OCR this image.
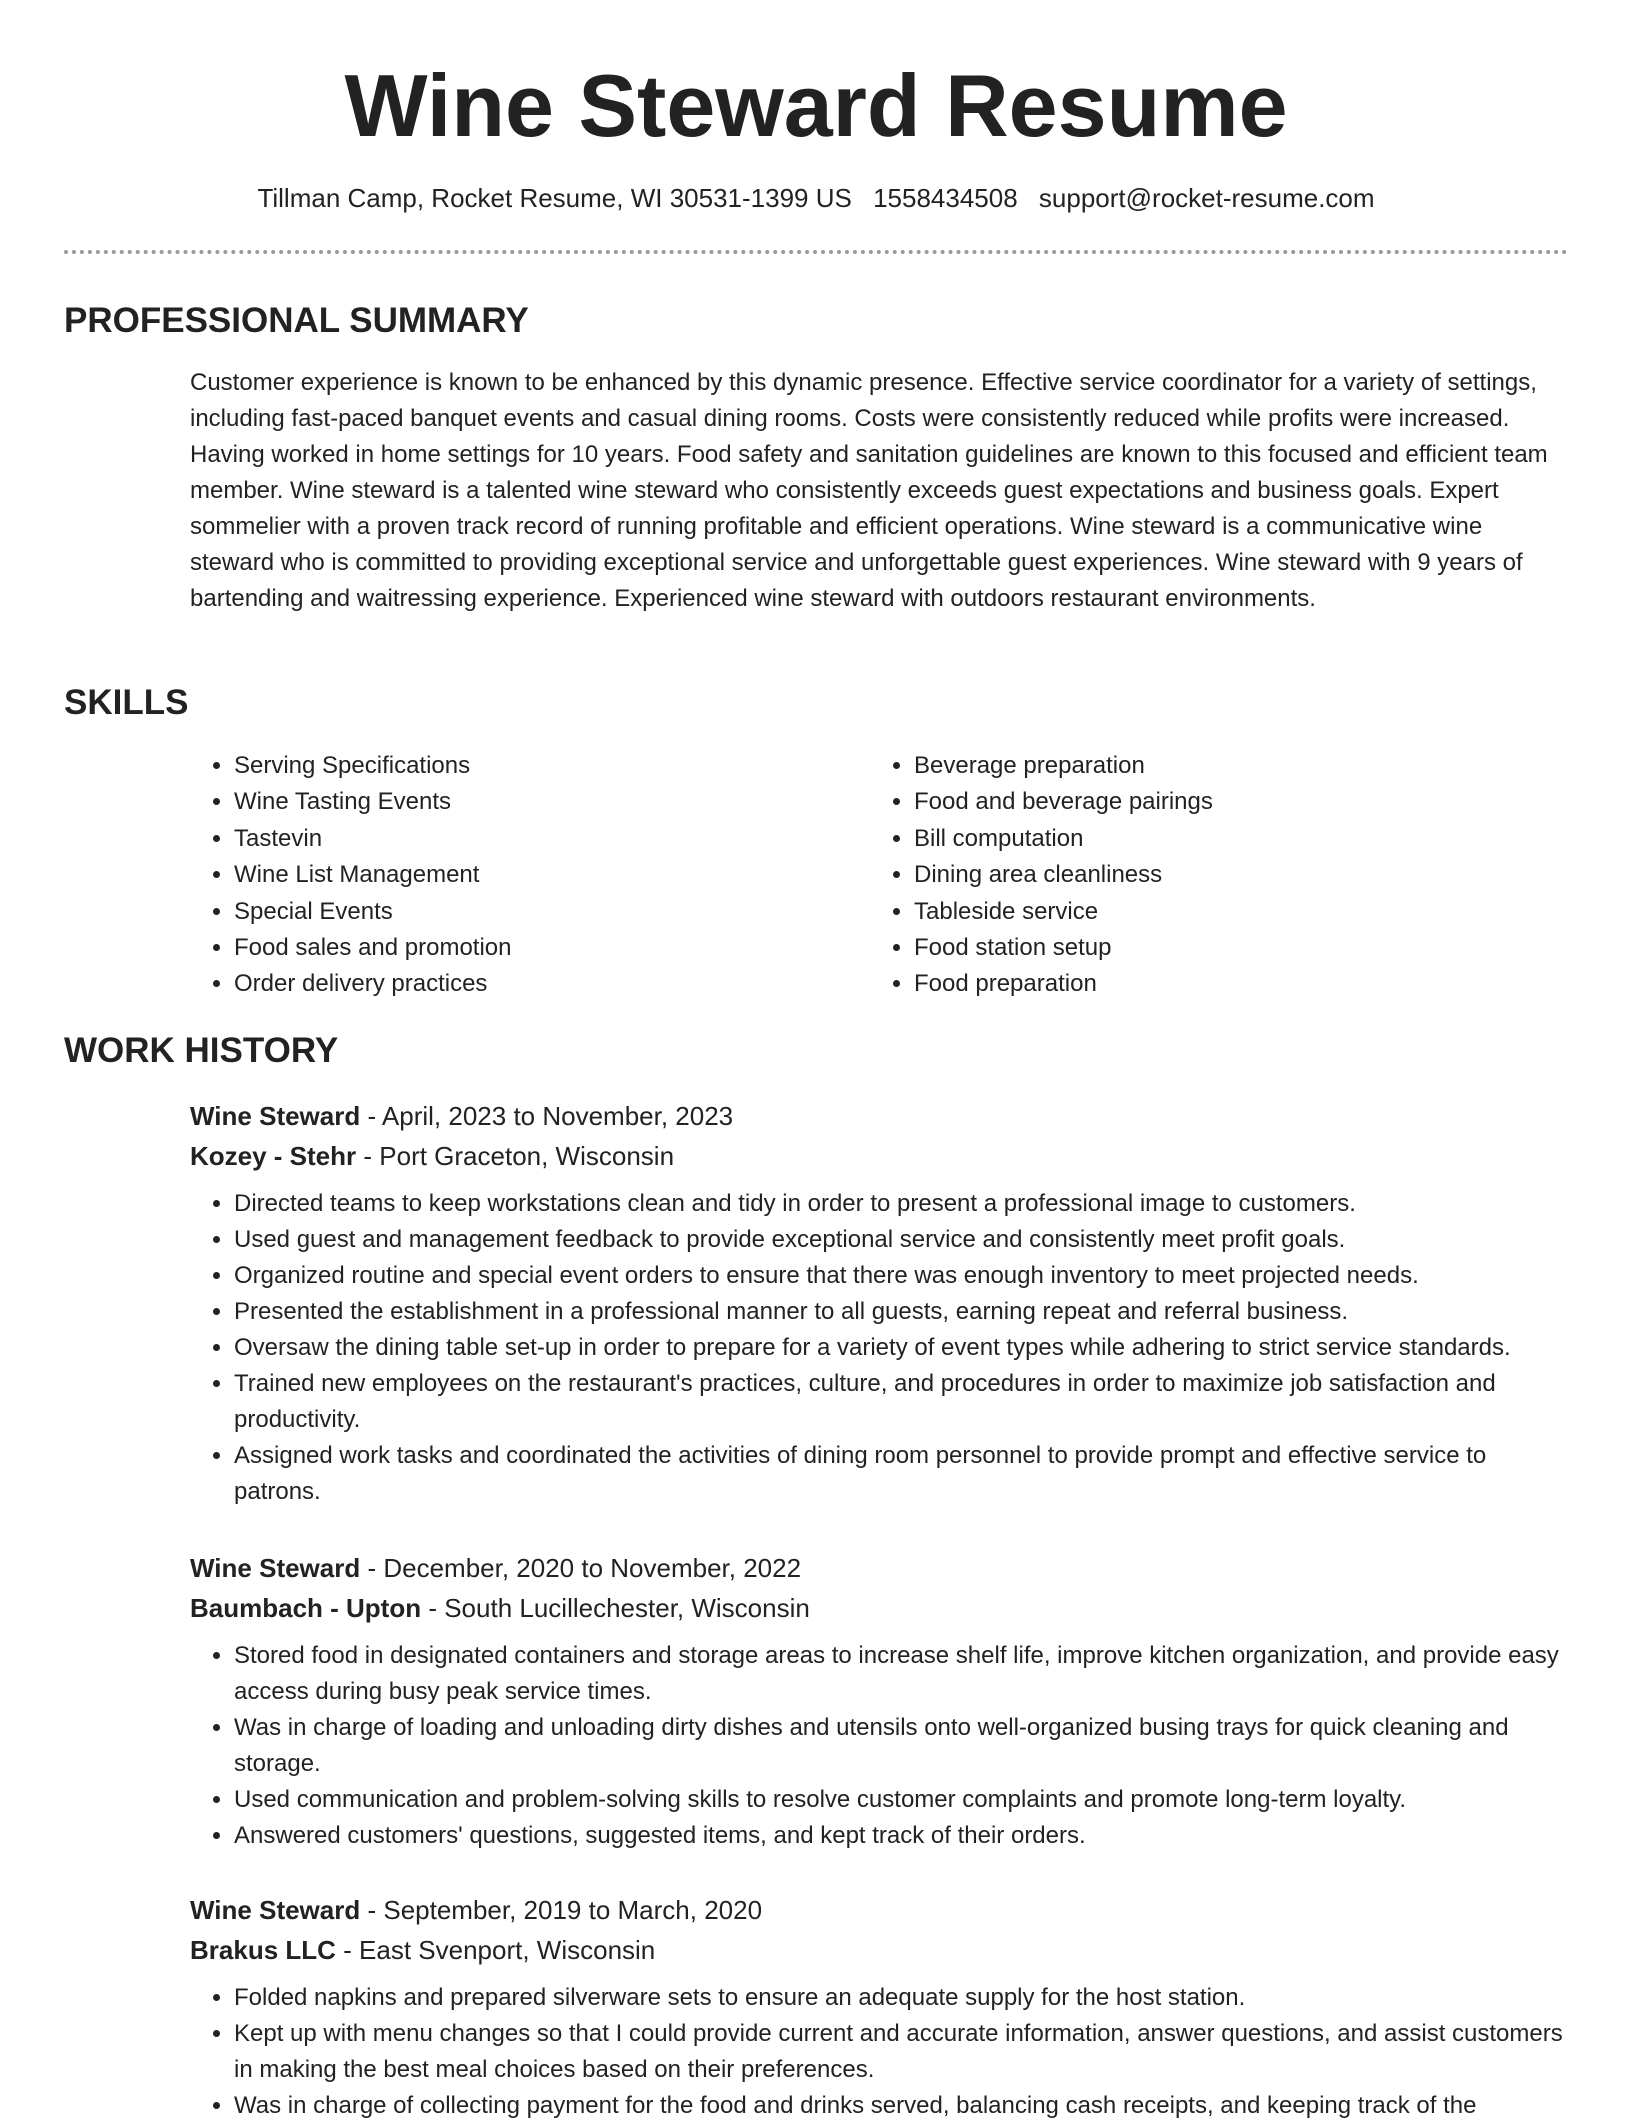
Wine Steward Resume
Tillman Camp, Rocket Resume, WI 30531-1399 US 1558434508 support@rocket-resume.com
PROFESSIONAL SUMMARY

Customer experience is known to be enhanced by this dynamic presence. Effective service coordinator for a variety of settings, including fast-paced banquet events and casual dining rooms. Costs were consistently reduced while profits were increased. Having worked in home settings for 10 years. Food safety and sanitation guidelines are known to this focused and efficient team member. Wine steward is a talented wine steward who consistently exceeds guest expectations and business goals. Expert sommelier with a proven track record of running profitable and efficient operations. Wine steward is a communicative wine steward who is committed to providing exceptional service and unforgettable guest experiences. Wine steward with 9 years of bartending and waitressing experience. Experienced wine steward with outdoors restaurant environments.

SKILLS
• Serving Specifications
• Wine Tasting Events
• Tastevin
• Wine List Management
• Special Events
• Food sales and promotion
• Order delivery practices
• Beverage preparation
• Food and beverage pairings
• Bill computation
• Dining area cleanliness
• Tableside service
• Food station setup
• Food preparation
WORK HISTORY
Wine Steward - April, 2023 to November, 2023
Kozey - Stehr - Port Graceton, Wisconsin
• Directed teams to keep workstations clean and tidy in order to present a professional image to customers.
• Used guest and management feedback to provide exceptional service and consistently meet profit goals.
• Organized routine and special event orders to ensure that there was enough inventory to meet projected needs.
• Presented the establishment in a professional manner to all guests, earning repeat and referral business.
• Oversaw the dining table set-up in order to prepare for a variety of event types while adhering to strict service standards.
• Trained new employees on the restaurant's practices, culture, and procedures in order to maximize job satisfaction and productivity.
• Assigned work tasks and coordinated the activities of dining room personnel to provide prompt and effective service to patrons.
Wine Steward - December, 2020 to November, 2022
Baumbach - Upton - South Lucillechester, Wisconsin
• Stored food in designated containers and storage areas to increase shelf life, improve kitchen organization, and provide easy access during busy peak service times.
• Was in charge of loading and unloading dirty dishes and utensils onto well-organized busing trays for quick cleaning and storage.
• Used communication and problem-solving skills to resolve customer complaints and promote long-term loyalty.
• Answered customers' questions, suggested items, and kept track of their orders.
Wine Steward - September, 2019 to March, 2020
Brakus LLC - East Svenport, Wisconsin
• Folded napkins and prepared silverware sets to ensure an adequate supply for the host station.
• Kept up with menu changes so that I could provide current and accurate information, answer questions, and assist customers in making the best meal choices based on their preferences.
• Was in charge of collecting payment for the food and drinks served, balancing cash receipts, and keeping track of the
